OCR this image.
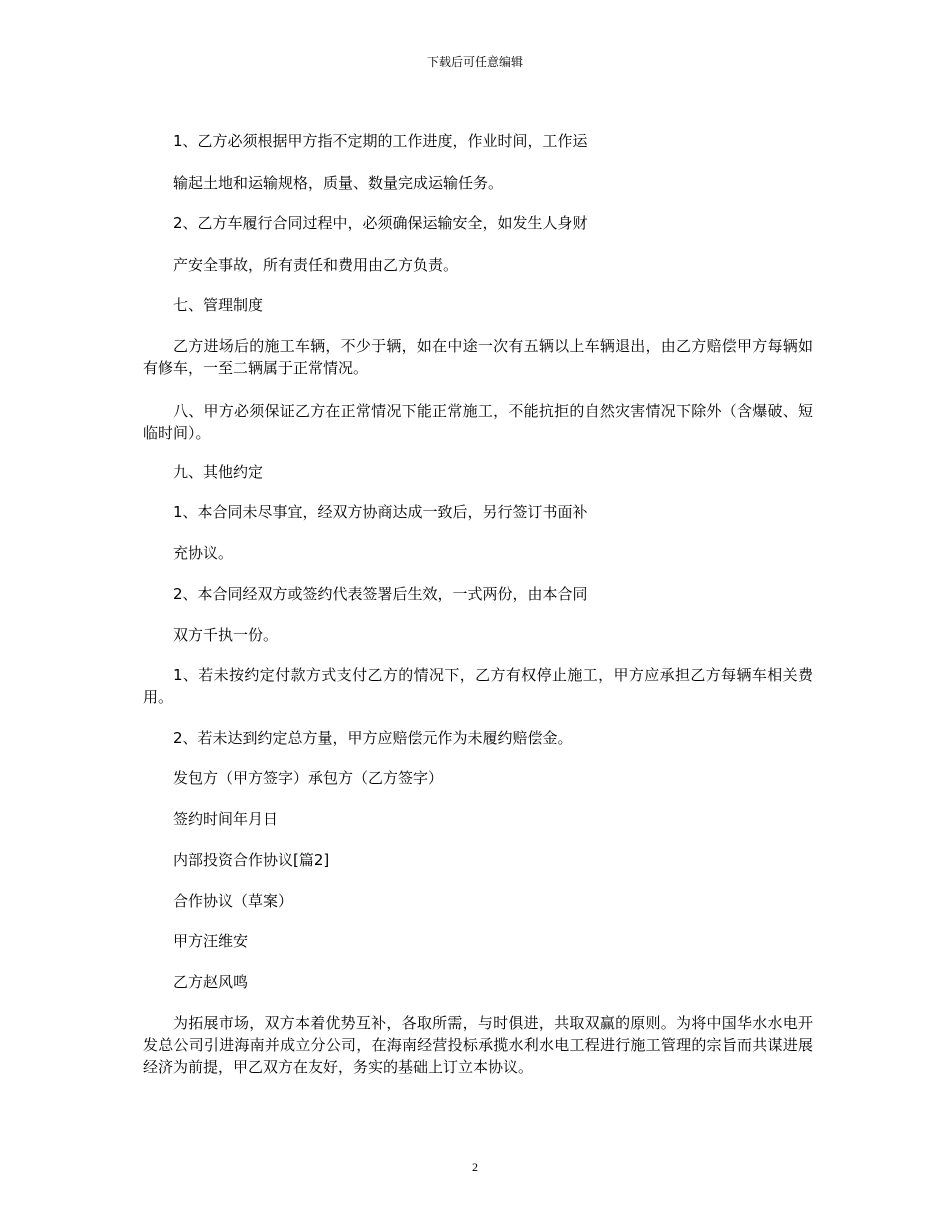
下载后可任意编辑
1、乙方必须根据甲方指不定期的工作进度，作业时间，工作运
输起土地和运输规格，质量、数量完成运输任务。
2、乙方车履行合同过程中，必须确保运输安全，如发生人身财
产安全事故，所有责任和费用由乙方负责。
七、管理制度
乙方进场后的施工车辆，不少于辆，如在中途一次有五辆以上车辆退出，由乙方赔偿甲方每辆如有修车，一至二辆属于正常情况。
八、甲方必须保证乙方在正常情况下能正常施工，不能抗拒的自然灾害情况下除外（含爆破、短临时间）。
九、其他约定
1、本合同未尽事宜，经双方协商达成一致后，另行签订书面补
充协议。
2、本合同经双方或签约代表签署后生效，一式两份，由本合同
双方千执一份。
1、若未按约定付款方式支付乙方的情况下，乙方有权停止施工，甲方应承担乙方每辆车相关费用。
2、若未达到约定总方量，甲方应赔偿元作为未履约赔偿金。
发包方（甲方签字）承包方（乙方签字）
签约时间年月日
内部投资合作协议[篇2]
合作协议（草案）
甲方汪维安
乙方赵风鸣
为拓展市场，双方本着优势互补，各取所需，与时俱进，共取双赢的原则。为将中国华水水电开发总公司引进海南并成立分公司，在海南经营投标承揽水利水电工程进行施工管理的宗旨而共谋进展经济为前提，甲乙双方在友好，务实的基础上订立本协议。
2
